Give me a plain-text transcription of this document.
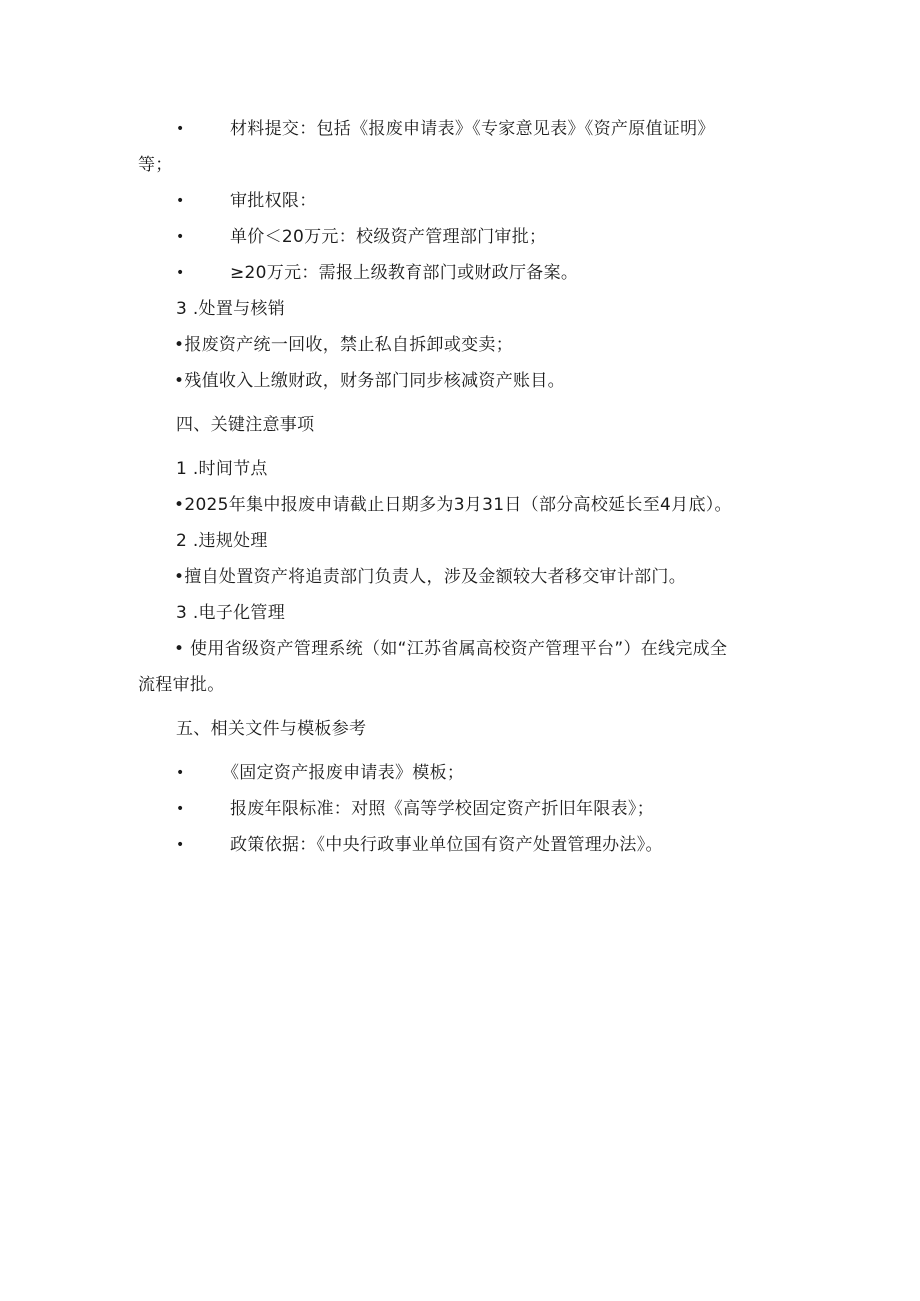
•	材料提交：包括《报废申请表》《专家意见表》《资产原值证明》
等；
•	审批权限：
•	单价＜20万元：校级资产管理部门审批；
•	≥20万元：需报上级教育部门或财政厅备案。
3 .处置与核销
•报废资产统一回收，禁止私自拆卸或变卖；
•残值收入上缴财政，财务部门同步核减资产账目。
四、关键注意事项
1 .时间节点
•2025年集中报废申请截止日期多为3月31日（部分高校延长至4月底）。
2 .违规处理
•擅自处置资产将追责部门负责人，涉及金额较大者移交审计部门。
3 .电子化管理
• 使用省级资产管理系统（如“江苏省属高校资产管理平台”）在线完成全
流程审批。
五、相关文件与模板参考
• 《固定资产报废申请表》模板；
•	报废年限标准：对照《高等学校固定资产折旧年限表》；
•	政策依据：《中央行政事业单位国有资产处置管理办法》。
